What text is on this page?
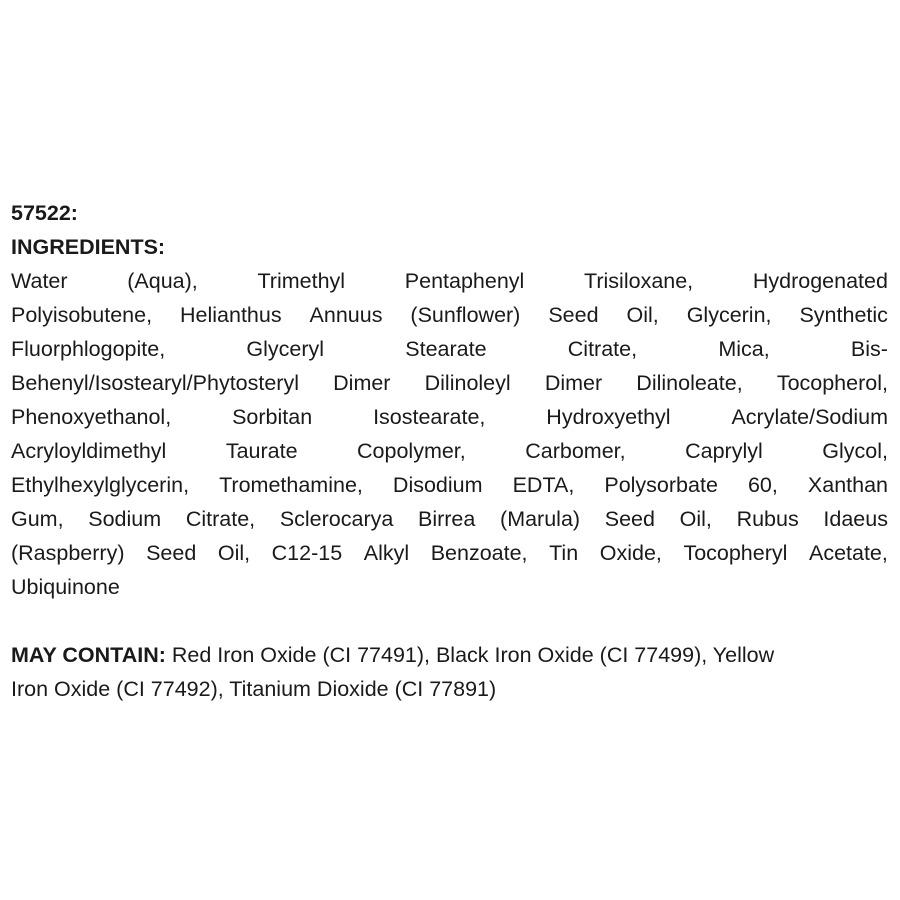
57522:
INGREDIENTS:
Water	(Aqua),	Trimethyl	Pentaphenyl	Trisiloxane,	Hydrogenated
Polyisobutene, Helianthus Annuus (Sunflower) Seed Oil, Glycerin, Synthetic
Fluorphlogopite,	Glyceryl	Stearate	Citrate,	Mica,	Bis-
Behenyl/Isostearyl/Phytosteryl Dimer Dilinoleyl Dimer Dilinoleate, Tocopherol,
Phenoxyethanol,	Sorbitan	Isostearate,	Hydroxyethyl	Acrylate/Sodium
Acryloyldimethyl	Taurate	Copolymer,	Carbomer,	Caprylyl	Glycol,
Ethylhexylglycerin, Tromethamine, Disodium EDTA, Polysorbate 60, Xanthan
Gum, Sodium Citrate, Sclerocarya Birrea (Marula) Seed Oil, Rubus Idaeus
(Raspberry) Seed Oil, C12-15 Alkyl Benzoate, Tin Oxide, Tocopheryl Acetate,
Ubiquinone
MAY CONTAIN: Red Iron Oxide (CI 77491), Black Iron Oxide (CI 77499), Yellow
Iron Oxide (CI 77492), Titanium Dioxide (CI 77891)
